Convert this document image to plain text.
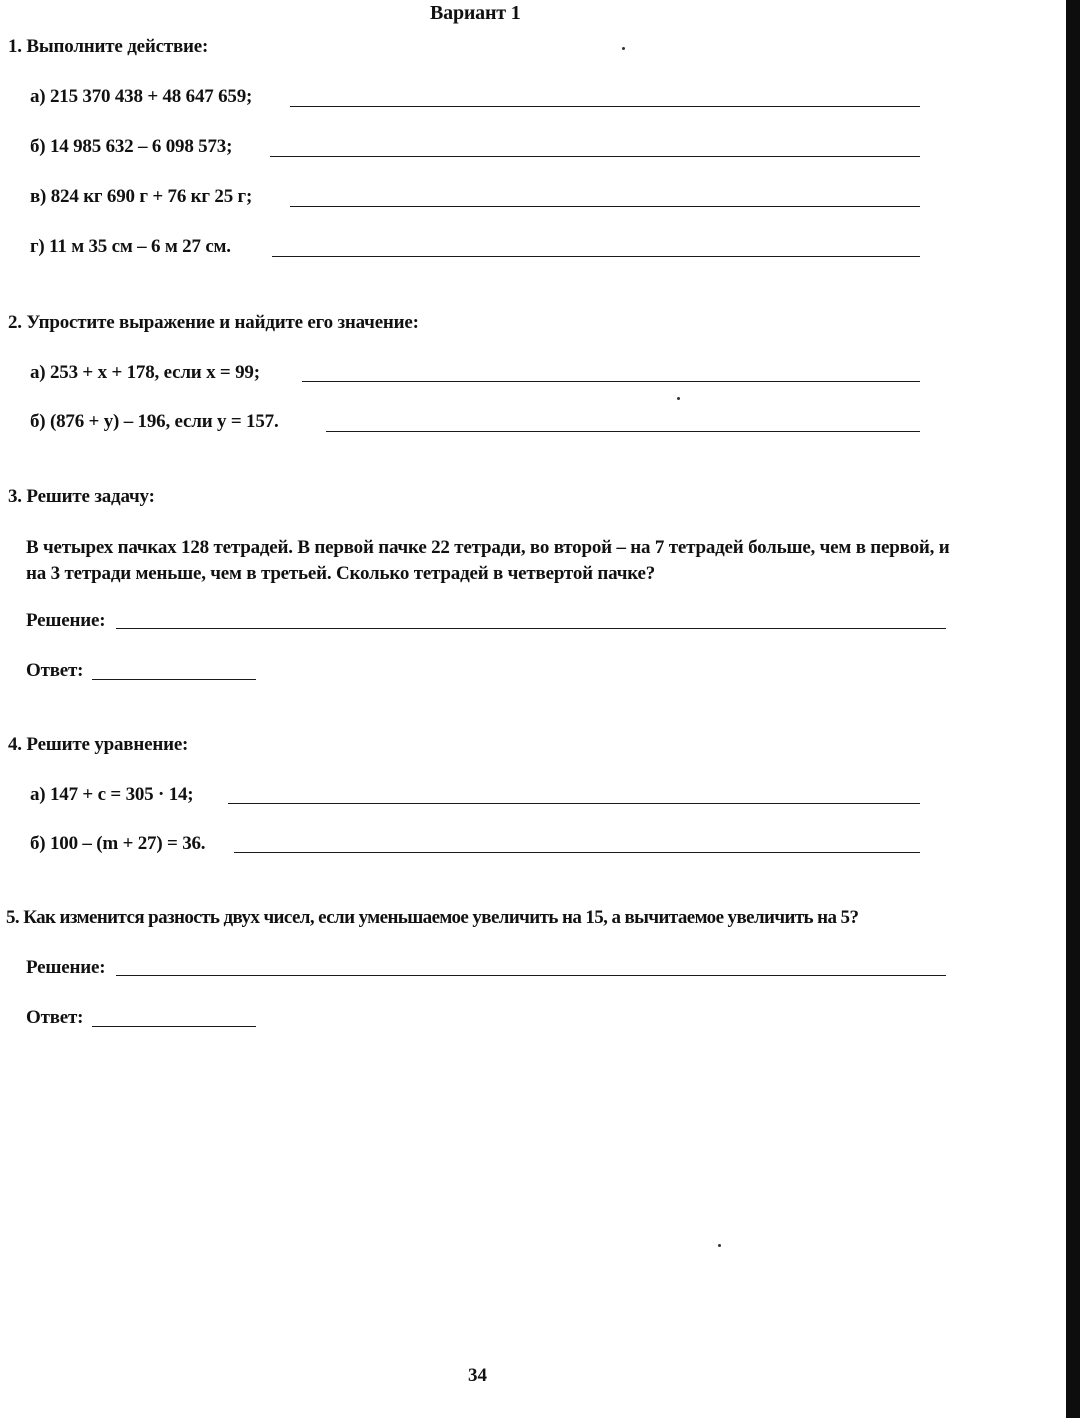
Вариант 1
1. Выполните действие:
а) 215 370 438 + 48 647 659;
б) 14 985 632 – 6 098 573;
в) 824 кг 690 г + 76 кг 25 г;
г) 11 м 35 см – 6 м 27 см.
2. Упростите выражение и найдите его значение:
а) 253 + x + 178, если x = 99;
б) (876 + y) – 196, если y = 157.
3. Решите задачу:
В четырех пачках 128 тетрадей. В первой пачке 22 тетради, во второй – на 7 тетрадей больше, чем в первой, и на 3 тетради меньше, чем в третьей. Сколько тетрадей в четвертой пачке?
Решение:
Ответ:
4. Решите уравнение:
а) 147 + c = 305 · 14;
б) 100 – (m + 27) = 36.
5. Как изменится разность двух чисел, если уменьшаемое увеличить на 15, а вычитаемое увеличить на 5?
Решение:
Ответ:
34
